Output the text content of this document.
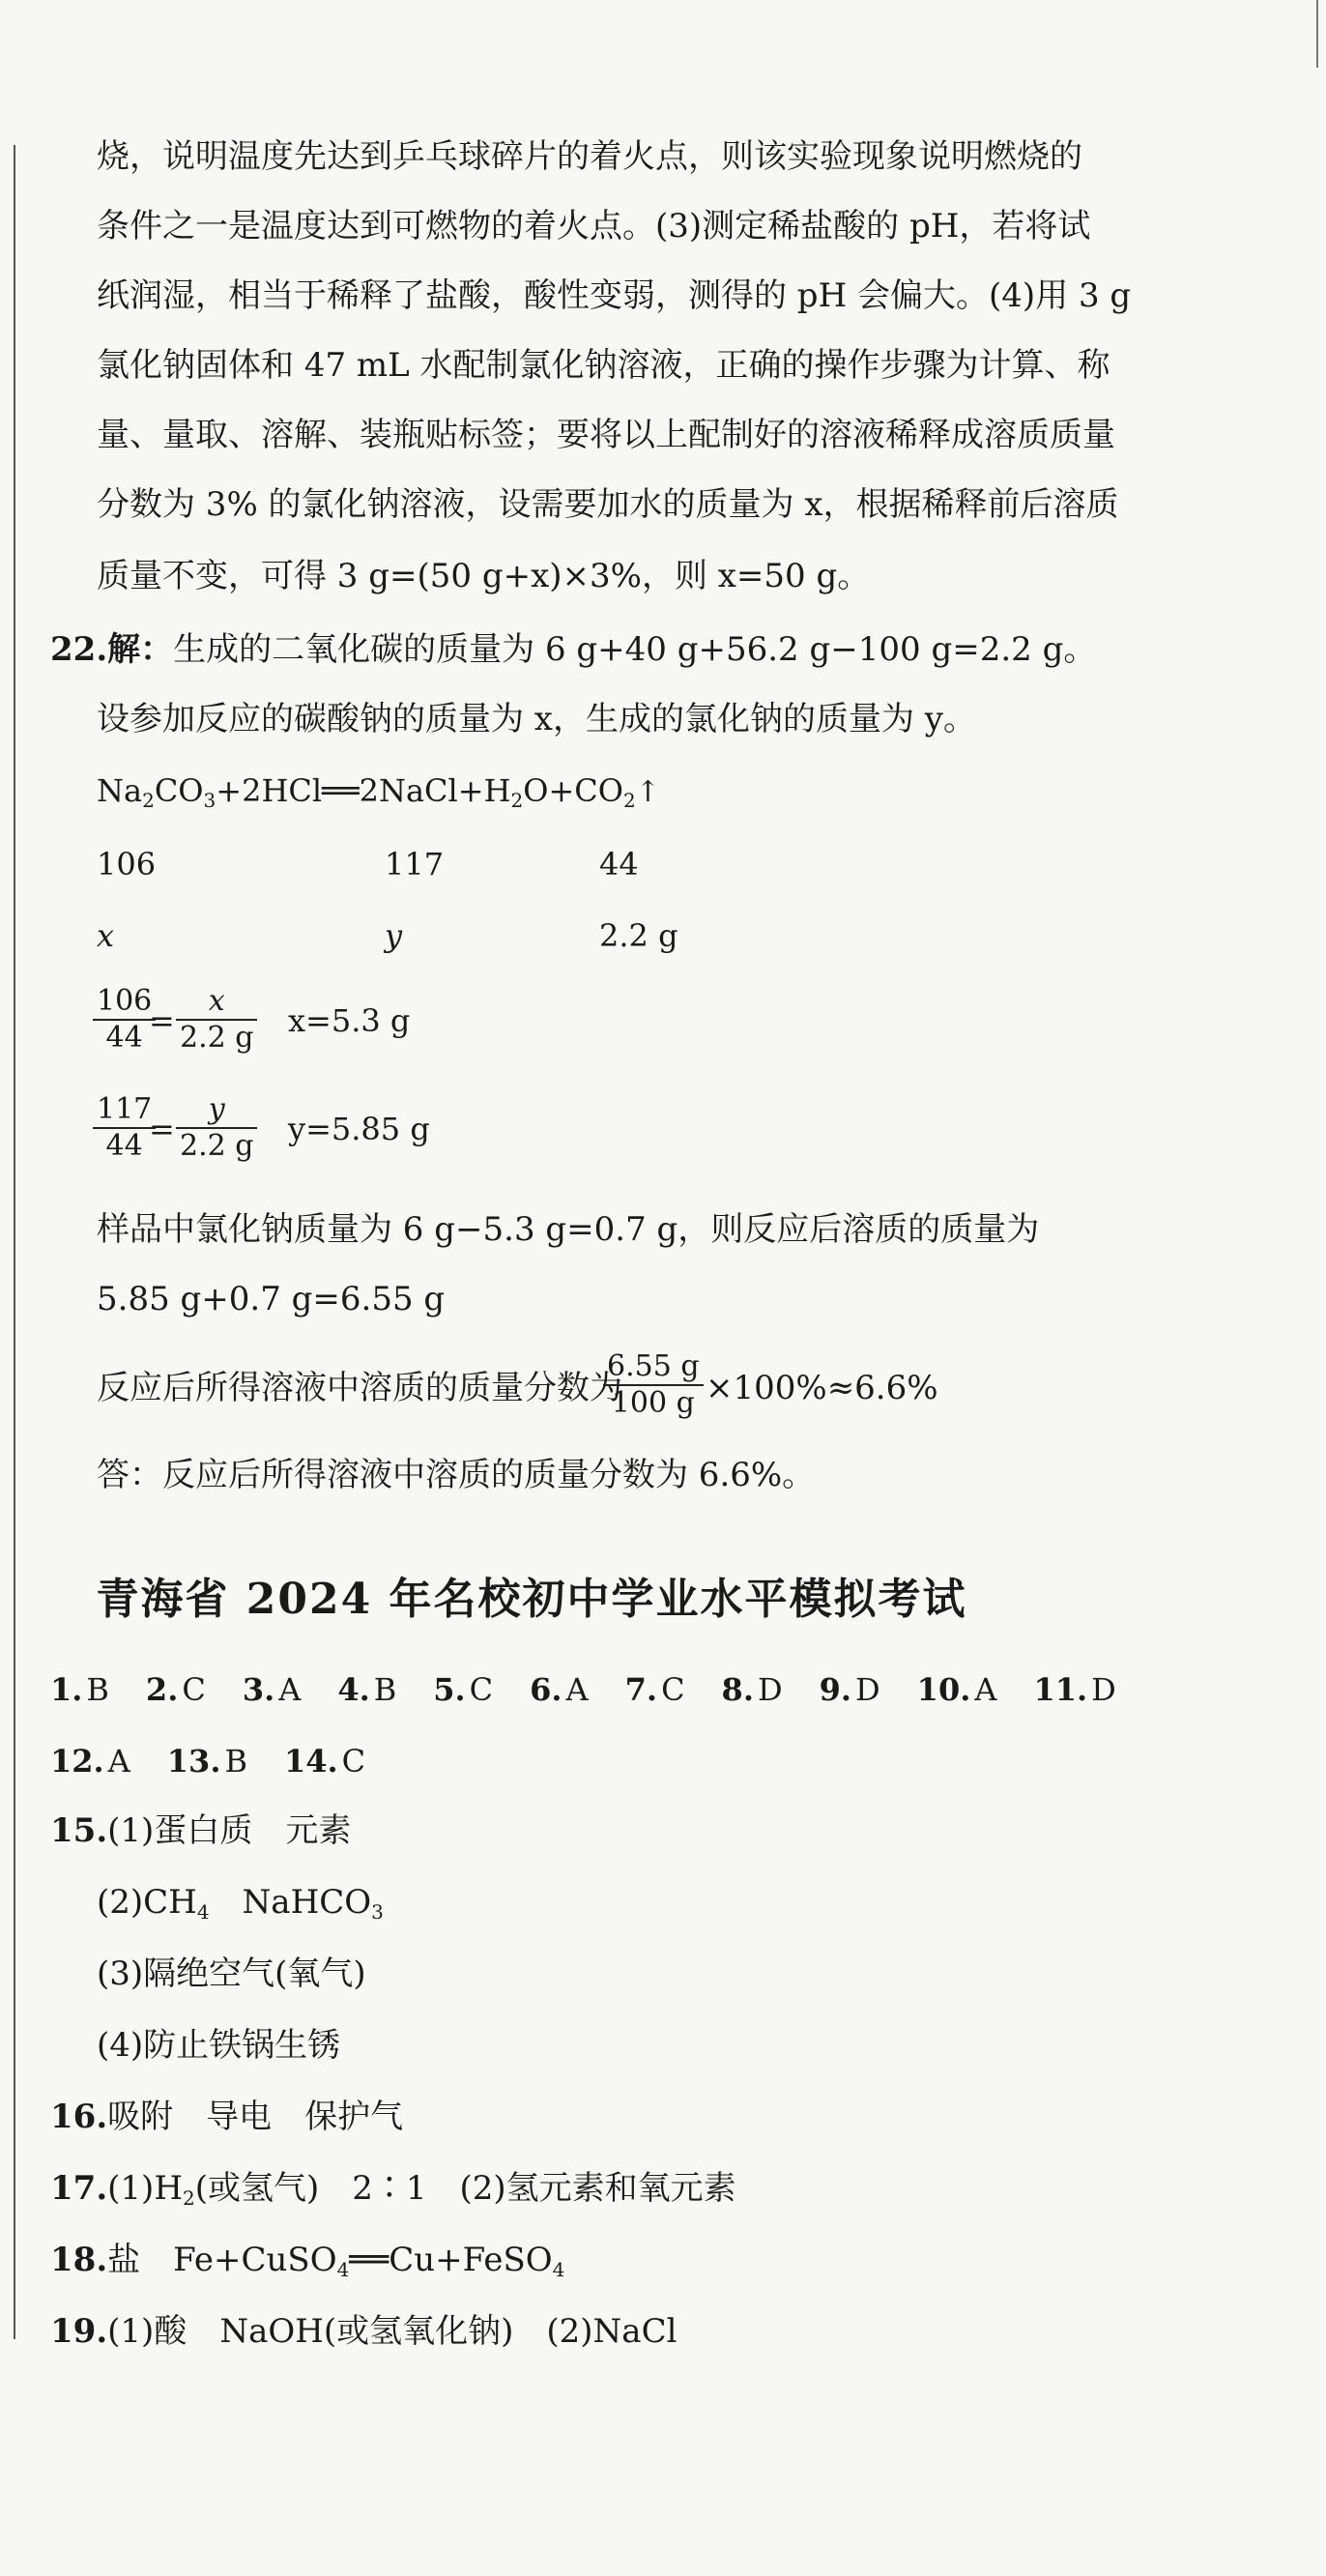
烧，说明温度先达到乒乓球碎片的着火点，则该实验现象说明燃烧的
条件之一是温度达到可燃物的着火点。(3)测定稀盐酸的 pH，若将试
纸润湿，相当于稀释了盐酸，酸性变弱，测得的 pH 会偏大。(4)用 3 g
氯化钠固体和 47 mL 水配制氯化钠溶液，正确的操作步骤为计算、称
量、量取、溶解、装瓶贴标签；要将以上配制好的溶液稀释成溶质质量
分数为 3% 的氯化钠溶液，设需要加水的质量为 x，根据稀释前后溶质
质量不变，可得 3 g=(50 g+x)×3%，则 x=50 g。
22.解：生成的二氧化碳的质量为 6 g+40 g+56.2 g−100 g=2.2 g。
设参加反应的碳酸钠的质量为 x，生成的氯化钠的质量为 y。
$Na_2CO_3+2HCl══2NaCl+H_2O+CO_2↑$
106	117	44
x	y	2.2 g
$\frac{106}{44}$
= $\frac{x}{2.2 g} x=5.3$ g
$\frac{117}{44}$
= $\frac{y}{2.2 g} y=5.85$ g
样品中氯化钠质量为 6 g−5.3 g=0.7 g，则反应后溶质的质量为
5.85 g+0.7 g=6.55 g
反应后所得溶液中溶质的质量分数为
$\frac{6.55 g}{100 g} \times 100\%\approx 6.6\%$
答：反应后所得溶液中溶质的质量分数为 6.6%。
青海省 2024 年名校初中学业水平模拟考试
1. B 2. C 3. A 4. B 5. C 6. A 7. C 8. D 9. D 10. A 11. D
12. A 13. B 14. C
15.(1)蛋白质　元素
$(2)CH_4$　NaHCO$_3$
(3)隔绝空气(氧气)
(4)防止铁锅生锈
16.吸附　导电　保护气
$17.(1)H_2$(或氢气)　2∶1　(2)氢元素和氧元素
18.盐　Fe+CuSO$_4$══Cu+FeSO$_4$
19.(1)酸　NaOH(或氢氧化钠)　(2)NaCl
